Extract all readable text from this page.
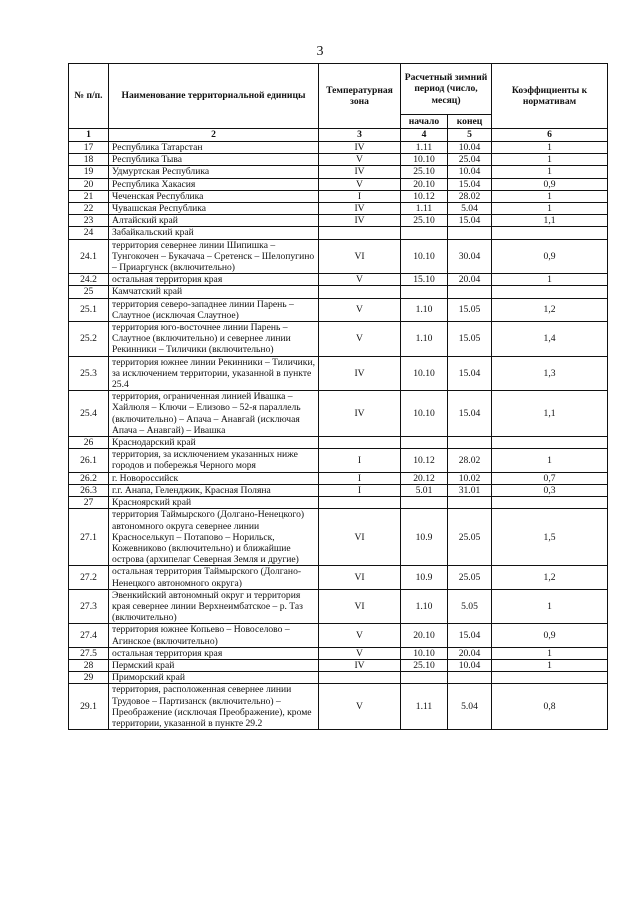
3
№ п/п.	Наименование территориальной единицы	Температурная зона	Расчетный зимний период (число, месяц)		Коэффициенты к нормативам
			начало	конец	
1	2	3	4	5	6
17	Республика Татарстан	IV	1.11	10.04	1
18	Республика Тыва	V	10.10	25.04	1
19	Удмуртская Республика	IV	25.10	10.04	1
20	Республика Хакасия	V	20.10	15.04	0,9
21	Чеченская Республика	I	10.12	28.02	1
22	Чувашская Республика	IV	1.11	5.04	1
23	Алтайский край	IV	25.10	15.04	1,1
24	Забайкальский край				
24.1	территория севернее линии Шипишка – Тунгокочен – Букачача – Сретенск – Шелопугино – Приаргунск (включительно)	VI	10.10	30.04	0,9
24.2	остальная территория края	V	15.10	20.04	1
25	Камчатский край				
25.1	территория северо-западнее линии Парень – Слаутное (исключая Слаутное)	V	1.10	15.05	1,2
25.2	территория юго-восточнее линии Парень – Слаутное (включительно) и севернее линии Рекинники – Тиличики (включительно)	V	1.10	15.05	1,4
25.3	территория южнее линии Рекинники – Тиличики, за исключением территории, указанной в пункте 25.4	IV	10.10	15.04	1,3
25.4	территория, ограниченная линией Ивашка – Хайлюля – Ключи – Елизово – 52-я параллель (включительно) – Апача – Анавгай (исключая Апача – Анавгай) – Ивашка	IV	10.10	15.04	1,1
26	Краснодарский край				
26.1	территория, за исключением указанных ниже городов и побережья Черного моря	I	10.12	28.02	1
26.2	г. Новороссийск	I	20.12	10.02	0,7
26.3	г.г. Анапа, Геленджик, Красная Поляна	I	5.01	31.01	0,3
27	Красноярский край				
27.1	территория Таймырского (Долгано-Ненецкого) автономного округа севернее линии Красноселькуп – Потапово – Норильск, Кожевниково (включительно) и ближайшие острова (архипелаг Северная Земля и другие)	VI	10.9	25.05	1,5
27.2	остальная территория Таймырского (Долгано-Ненецкого автономного округа)	VI	10.9	25.05	1,2
27.3	Эвенкийский автономный округ и территория края севернее линии Верхнеимбатское – р. Таз (включительно)	VI	1.10	5.05	1
27.4	территория южнее Копьево – Новоселово – Агинское (включительно)	V	20.10	15.04	0,9
27.5	остальная территория края	V	10.10	20.04	1
28	Пермский край	IV	25.10	10.04	1
29	Приморский край				
29.1	территория, расположенная севернее линии Трудовое – Партизанск (включительно) – Преображение (исключая Преображение), кроме территории, указанной в пункте 29.2	V	1.11	5.04	0,8
